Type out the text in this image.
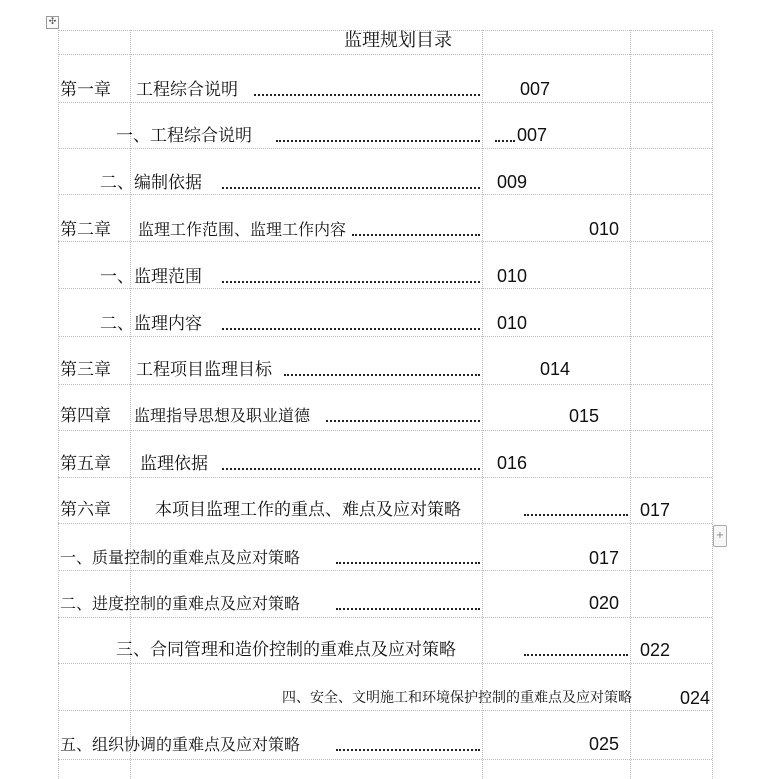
✣
+
监理规划目录
第一章 工程综合说明	007
一、工程综合说明	007
二、编制依据	009
第二章 监理工作范围、监理工作内容	010
一、监理范围	010
二、监理内容	010
第三章 工程项目监理目标	014
第四章 监理指导思想及职业道德	015
第五章 监理依据	016
第六章	本项目监理工作的重点、难点及应对策略	017
一、质量控制的重难点及应对策略	017
二、进度控制的重难点及应对策略	020
三、合同管理和造价控制的重难点及应对策略	022
四、安全、文明施工和环境保护控制的重难点及应对策略	024
五、组织协调的重难点及应对策略	025
